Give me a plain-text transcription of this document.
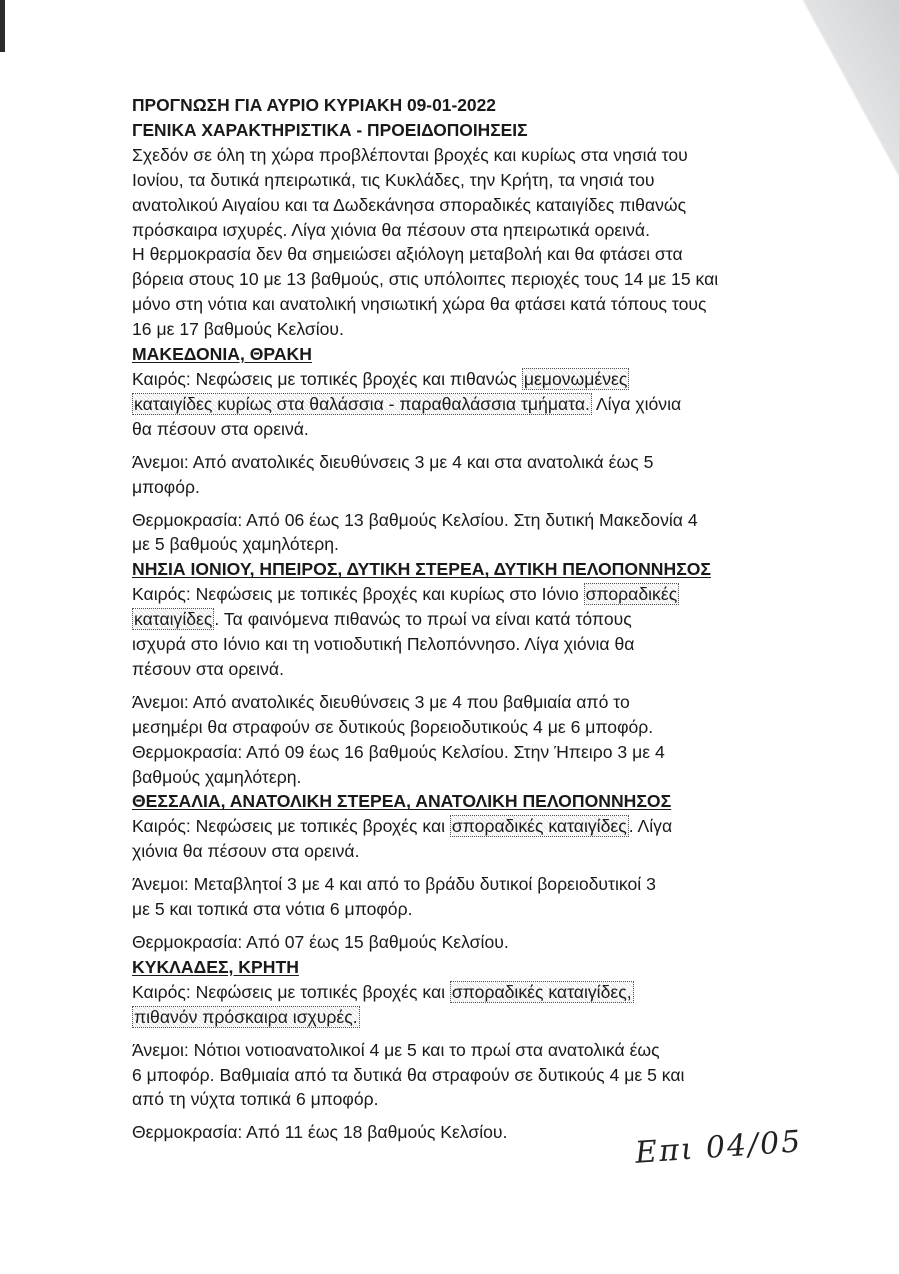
ΠΡΟΓΝΩΣΗ ΓΙΑ ΑΥΡΙΟ ΚΥΡΙΑΚΗ 09-01-2022

ΓΕΝΙΚΑ ΧΑΡΑΚΤΗΡΙΣΤΙΚΑ - ΠΡΟΕΙΔΟΠΟΙΗΣΕΙΣ

Σχεδόν σε όλη τη χώρα προβλέπονται βροχές και κυρίως στα νησιά του

Ιονίου, τα δυτικά ηπειρωτικά, τις Κυκλάδες, την Κρήτη, τα νησιά του

ανατολικού Αιγαίου και τα Δωδεκάνησα σποραδικές καταιγίδες πιθανώς

πρόσκαιρα ισχυρές. Λίγα χιόνια θα πέσουν στα ηπειρωτικά ορεινά.

Η θερμοκρασία δεν θα σημειώσει αξιόλογη μεταβολή και θα φτάσει στα

βόρεια στους 10 με 13 βαθμούς, στις υπόλοιπες περιοχές τους 14 με 15 και

μόνο στη νότια και ανατολική νησιωτική χώρα θα φτάσει κατά τόπους τους

16 με 17 βαθμούς Κελσίου.

ΜΑΚΕΔΟΝΙΑ, ΘΡΑΚΗ

Καιρός: Νεφώσεις με τοπικές βροχές και πιθανώς μεμονωμένες

καταιγίδες κυρίως στα θαλάσσια - παραθαλάσσια τμήματα. Λίγα χιόνια

θα πέσουν στα ορεινά.

Άνεμοι: Από ανατολικές διευθύνσεις 3 με 4 και στα ανατολικά έως 5

μποφόρ.

Θερμοκρασία: Από 06 έως 13 βαθμούς Κελσίου. Στη δυτική Μακεδονία 4

με 5 βαθμούς χαμηλότερη.

ΝΗΣΙΑ ΙΟΝΙΟΥ, ΗΠΕΙΡΟΣ, ΔΥΤΙΚΗ ΣΤΕΡΕΑ, ΔΥΤΙΚΗ ΠΕΛΟΠΟΝΝΗΣΟΣ

Καιρός: Νεφώσεις με τοπικές βροχές και κυρίως στο Ιόνιο σποραδικές

καταιγίδες . Τα φαινόμενα πιθανώς το πρωί να είναι κατά τόπους

ισχυρά στο Ιόνιο και τη νοτιοδυτική Πελοπόννησο. Λίγα χιόνια θα

πέσουν στα ορεινά.

Άνεμοι: Από ανατολικές διευθύνσεις 3 με 4 που βαθμιαία από το

μεσημέρι θα στραφούν σε δυτικούς βορειοδυτικούς 4 με 6 μποφόρ.

Θερμοκρασία: Από 09 έως 16 βαθμούς Κελσίου. Στην Ήπειρο 3 με 4

βαθμούς χαμηλότερη.

ΘΕΣΣΑΛΙΑ, ΑΝΑΤΟΛΙΚΗ ΣΤΕΡΕΑ, ΑΝΑΤΟΛΙΚΗ ΠΕΛΟΠΟΝΝΗΣΟΣ

Καιρός: Νεφώσεις με τοπικές βροχές και σποραδικές καταιγίδες . Λίγα

χιόνια θα πέσουν στα ορεινά.

Άνεμοι: Μεταβλητοί 3 με 4 και από το βράδυ δυτικοί βορειοδυτικοί 3

με 5 και τοπικά στα νότια 6 μποφόρ.

Θερμοκρασία: Από 07 έως 15 βαθμούς Κελσίου.

ΚΥΚΛΑΔΕΣ, ΚΡΗΤΗ

Καιρός: Νεφώσεις με τοπικές βροχές και σποραδικές καταιγίδες,

πιθανόν πρόσκαιρα ισχυρές.

Άνεμοι: Νότιοι νοτιοανατολικοί 4 με 5 και το πρωί στα ανατολικά έως

6 μποφόρ. Βαθμιαία από τα δυτικά θα στραφούν σε δυτικούς 4 με 5 και

από τη νύχτα τοπικά 6 μποφόρ.

Θερμοκρασία: Από 11 έως 18 βαθμούς Κελσίου.	Επι 04/05
